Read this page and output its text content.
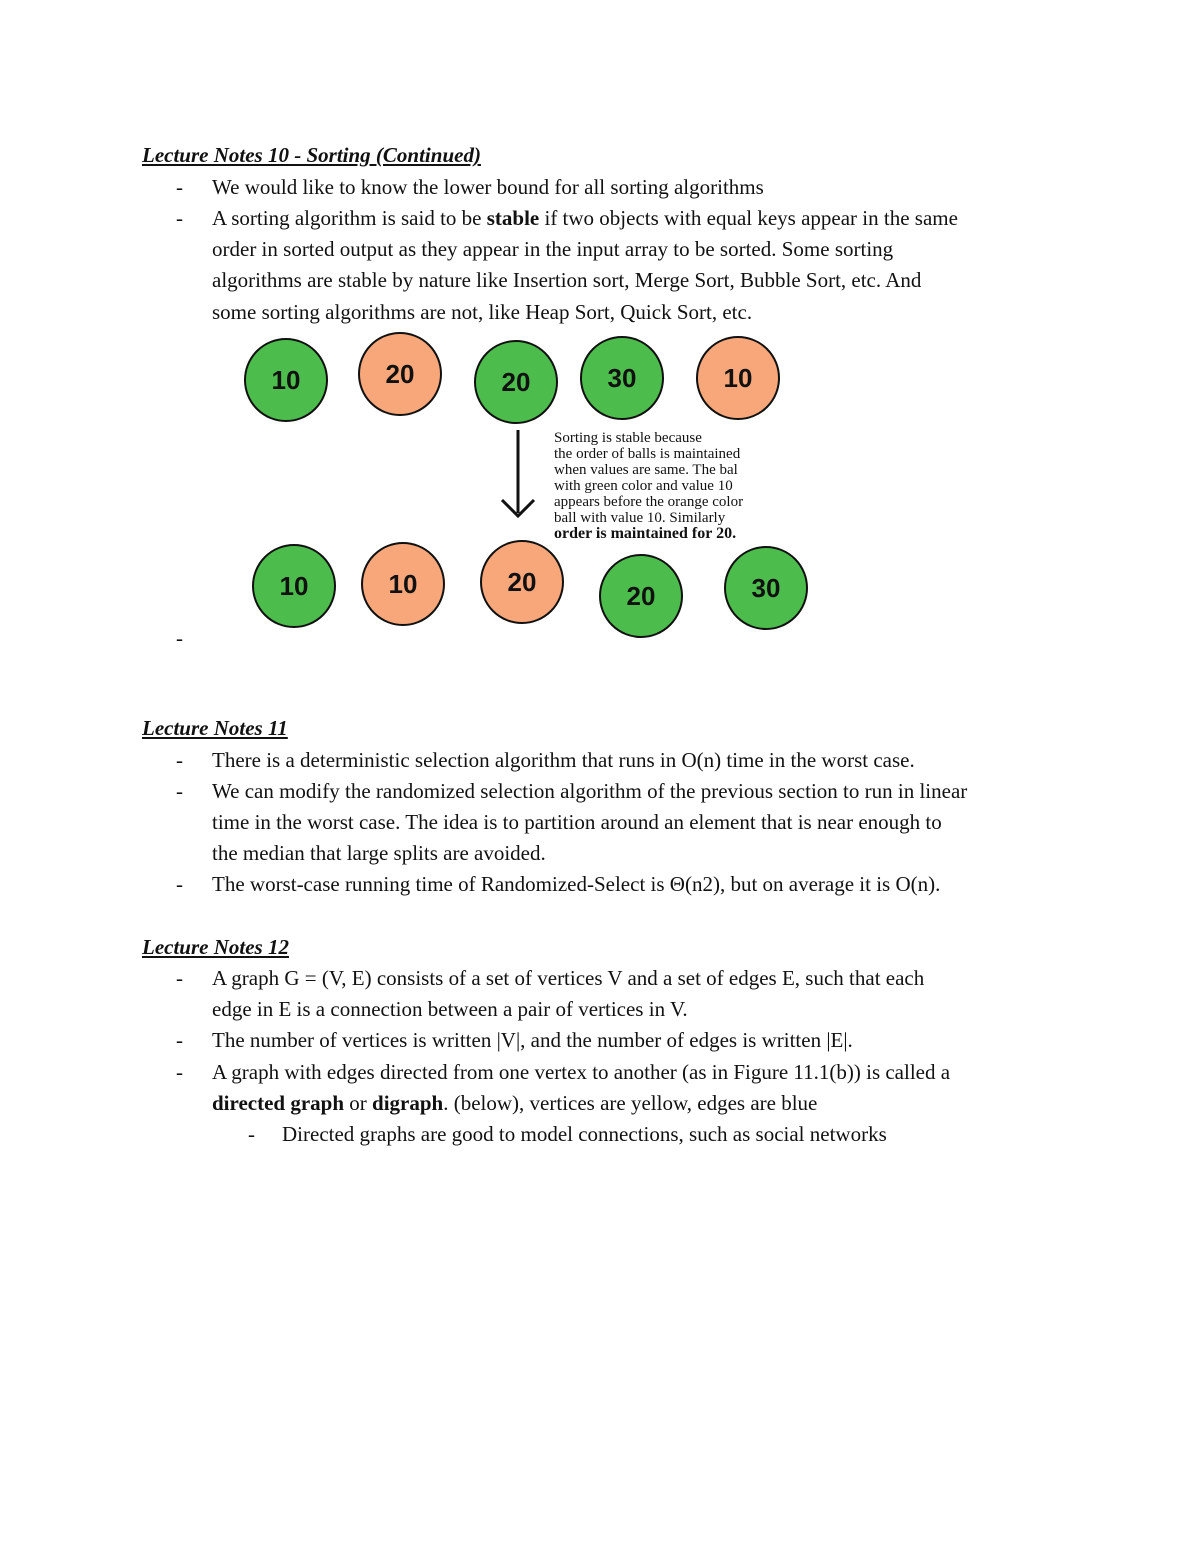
Lecture Notes 10 - Sorting (Continued)

- We would like to know the lower bound for all sorting algorithms

- A sorting algorithm is said to be stable if two objects with equal keys appear in the same

order in sorted output as they appear in the input array to be sorted. Some sorting

algorithms are stable by nature like Insertion sort, Merge Sort, Bubble Sort, etc. And

some sorting algorithms are not, like Heap Sort, Quick Sort, etc.

10	20	20	30	10
10	10	20	20	30
Sorting is stable because
the order of balls is maintained
when values are same. The bal
with green color and value 10
appears before the orange color
ball with value 10. Similarly
order is maintained for 20.
-

Lecture Notes 11

- There is a deterministic selection algorithm that runs in O(n) time in the worst case.

- We can modify the randomized selection algorithm of the previous section to run in linear

time in the worst case. The idea is to partition around an element that is near enough to

the median that large splits are avoided.

- The worst-case running time of Randomized-Select is Θ(n2), but on average it is O(n).

Lecture Notes 12

- A graph G = (V, E) consists of a set of vertices V and a set of edges E, such that each

edge in E is a connection between a pair of vertices in V.

- The number of vertices is written |V|, and the number of edges is written |E|.

- A graph with edges directed from one vertex to another (as in Figure 11.1(b)) is called a

directed graph or digraph. (below), vertices are yellow, edges are blue

- Directed graphs are good to model connections, such as social networks
